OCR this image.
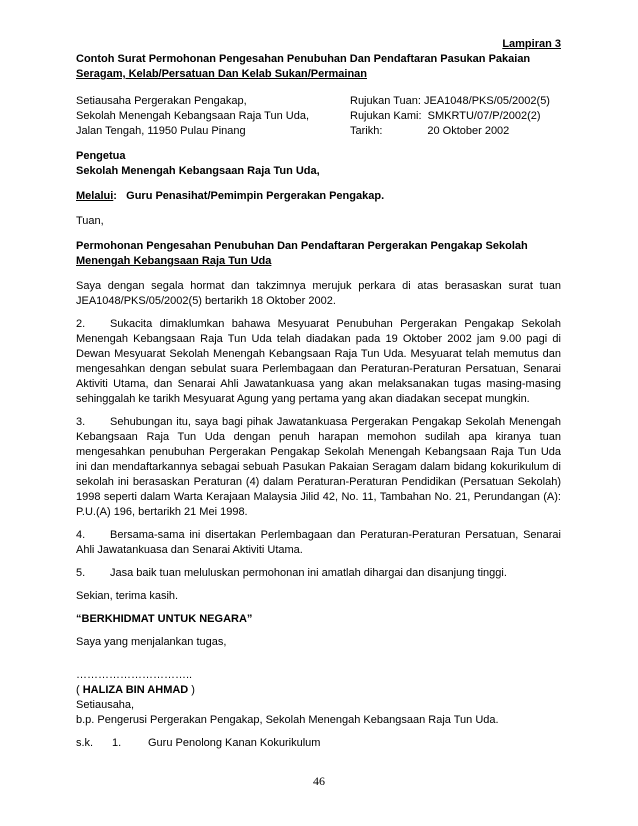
Lampiran 3
Contoh Surat Permohonan Pengesahan Penubuhan Dan Pendaftaran Pasukan Pakaian
Seragam, Kelab/Persatuan Dan Kelab Sukan/Permainan
Setiausaha Pergerakan Pengakap,
Sekolah Menengah Kebangsaan Raja Tun Uda,
Jalan Tengah, 11950 Pulau Pinang
Rujukan Tuan: JEA1048/PKS/05/2002(5)
Rujukan Kami: SMKRTU/07/P/2002(2)
Tarikh:	20 Oktober 2002
Pengetua
Sekolah Menengah Kebangsaan Raja Tun Uda,
Melalui:   Guru Penasihat/Pemimpin Pergerakan Pengakap.

Tuan,

Permohonan Pengesahan Penubuhan Dan Pendaftaran Pergerakan Pengakap Sekolah
Menengah Kebangsaan Raja Tun Uda

Saya dengan segala hormat dan takzimnya merujuk perkara di atas berasaskan surat tuan JEA1048/PKS/05/2002(5) bertarikh 18 Oktober 2002.

2. Sukacita dimaklumkan bahawa Mesyuarat Penubuhan Pergerakan Pengakap Sekolah Menengah Kebangsaan Raja Tun Uda telah diadakan pada 19 Oktober 2002 jam 9.00 pagi di Dewan Mesyuarat Sekolah Menengah Kebangsaan Raja Tun Uda. Mesyuarat telah memutus dan mengesahkan dengan sebulat suara Perlembagaan dan Peraturan-Peraturan Persatuan, Senarai Aktiviti Utama, dan Senarai Ahli Jawatankuasa yang akan melaksanakan tugas masing-masing sehinggalah ke tarikh Mesyuarat Agung yang pertama yang akan diadakan secepat mungkin.

3. Sehubungan itu, saya bagi pihak Jawatankuasa Pergerakan Pengakap Sekolah Menengah Kebangsaan Raja Tun Uda dengan penuh harapan memohon sudilah apa kiranya tuan mengesahkan penubuhan Pergerakan Pengakap Sekolah Menengah Kebangsaan Raja Tun Uda ini dan mendaftarkannya sebagai sebuah Pasukan Pakaian Seragam dalam bidang kokurikulum di sekolah ini berasaskan Peraturan (4) dalam Peraturan-Peraturan Pendidikan (Persatuan Sekolah) 1998 seperti dalam Warta Kerajaan Malaysia Jilid 42, No. 11, Tambahan No. 21, Perundangan (A): P.U.(A) 196, bertarikh 21 Mei 1998.

4. Bersama-sama ini disertakan Perlembagaan dan Peraturan-Peraturan Persatuan, Senarai Ahli Jawatankuasa dan Senarai Aktiviti Utama.

5. Jasa baik tuan meluluskan permohonan ini amatlah dihargai dan disanjung tinggi.

Sekian, terima kasih.

“BERKHIDMAT UNTUK NEGARA”

Saya yang menjalankan tugas,

…………………………..
( HALIZA BIN AHMAD )
Setiausaha,
b.p. Pengerusi Pergerakan Pengakap, Sekolah Menengah Kebangsaan Raja Tun Uda.
s.k. 1. Guru Penolong Kanan Kokurikulum
46
